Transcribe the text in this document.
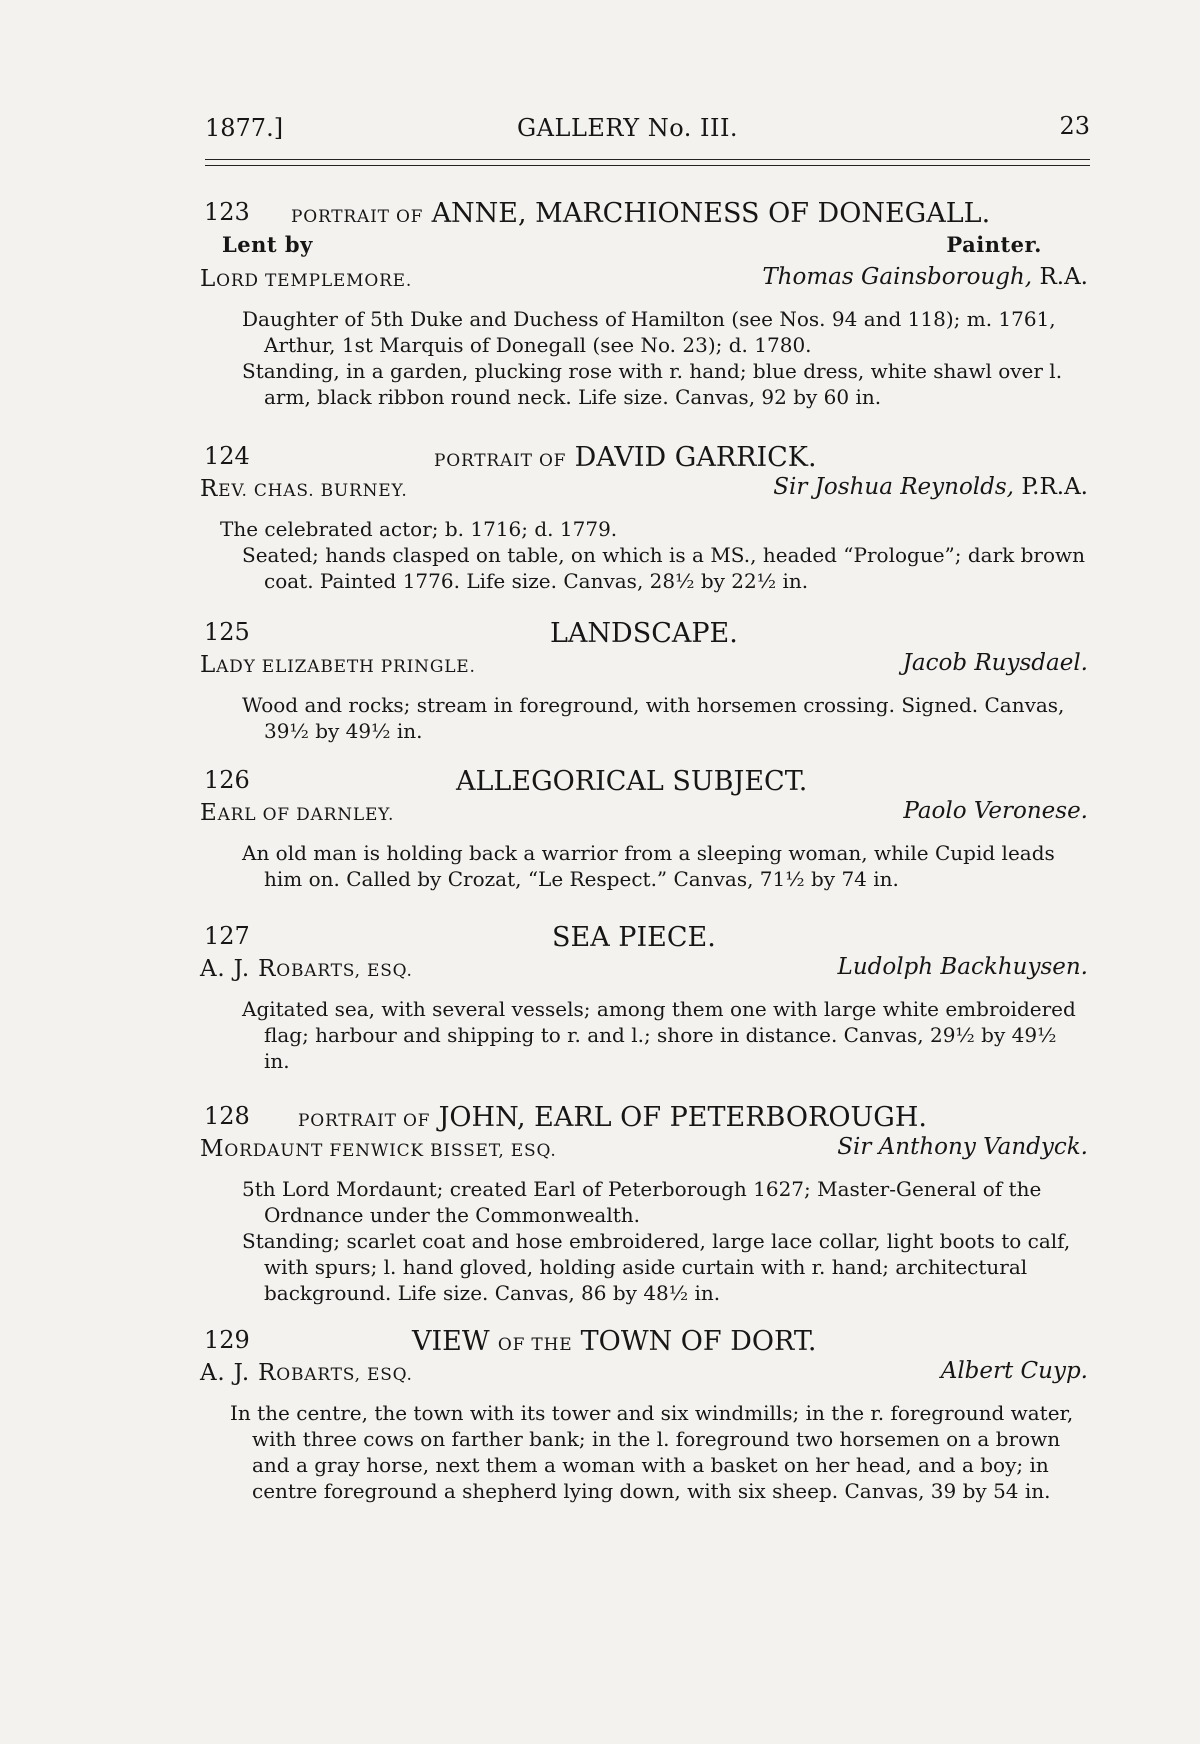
1877.]	GALLERY No. III.	23
123 PORTRAIT OF ANNE, MARCHIONESS OF DONEGALL.
Lent by	Painter.
LORD TEMPLEMORE.	Thomas Gainsborough, R.A.

Daughter of 5th Duke and Duchess of Hamilton (see Nos. 94 and 118); m. 1761, Arthur, 1st Marquis of Donegall (see No. 23); d. 1780.

Standing, in a garden, plucking rose with r. hand; blue dress, white shawl over l. arm, black ribbon round neck. Life size. Canvas, 92 by 60 in.

124	PORTRAIT OF DAVID GARRICK.
REV. CHAS. BURNEY.	Sir Joshua Reynolds, P.R.A.

The celebrated actor; b. 1716; d. 1779.

Seated; hands clasped on table, on which is a MS., headed “Prologue”; dark brown coat. Painted 1776. Life size. Canvas, 28½ by 22½ in.

125	LANDSCAPE.
LADY ELIZABETH PRINGLE.	Jacob Ruysdael.

Wood and rocks; stream in foreground, with horsemen crossing. Signed. Canvas, 39½ by 49½ in.

126	ALLEGORICAL SUBJECT.
EARL OF DARNLEY.	Paolo Veronese.

An old man is holding back a warrior from a sleeping woman, while Cupid leads him on. Called by Crozat, “Le Respect.” Canvas, 71½ by 74 in.

127	SEA PIECE.
A. J. ROBARTS, ESQ.	Ludolph Backhuysen.

Agitated sea, with several vessels; among them one with large white embroidered flag; harbour and shipping to r. and l.; shore in distance. Canvas, 29½ by 49½ in.

128	PORTRAIT OF JOHN, EARL OF PETERBOROUGH.
MORDAUNT FENWICK BISSET, ESQ.	Sir Anthony Vandyck.

5th Lord Mordaunt; created Earl of Peterborough 1627; Master-General of the Ordnance under the Commonwealth.

Standing; scarlet coat and hose embroidered, large lace collar, light boots to calf, with spurs; l. hand gloved, holding aside curtain with r. hand; architectural background. Life size. Canvas, 86 by 48½ in.

129	VIEW OF THE TOWN OF DORT.
A. J. ROBARTS, ESQ.	Albert Cuyp.

In the centre, the town with its tower and six windmills; in the r. foreground water, with three cows on farther bank; in the l. foreground two horsemen on a brown and a gray horse, next them a woman with a basket on her head, and a boy; in centre foreground a shepherd lying down, with six sheep. Canvas, 39 by 54 in.
